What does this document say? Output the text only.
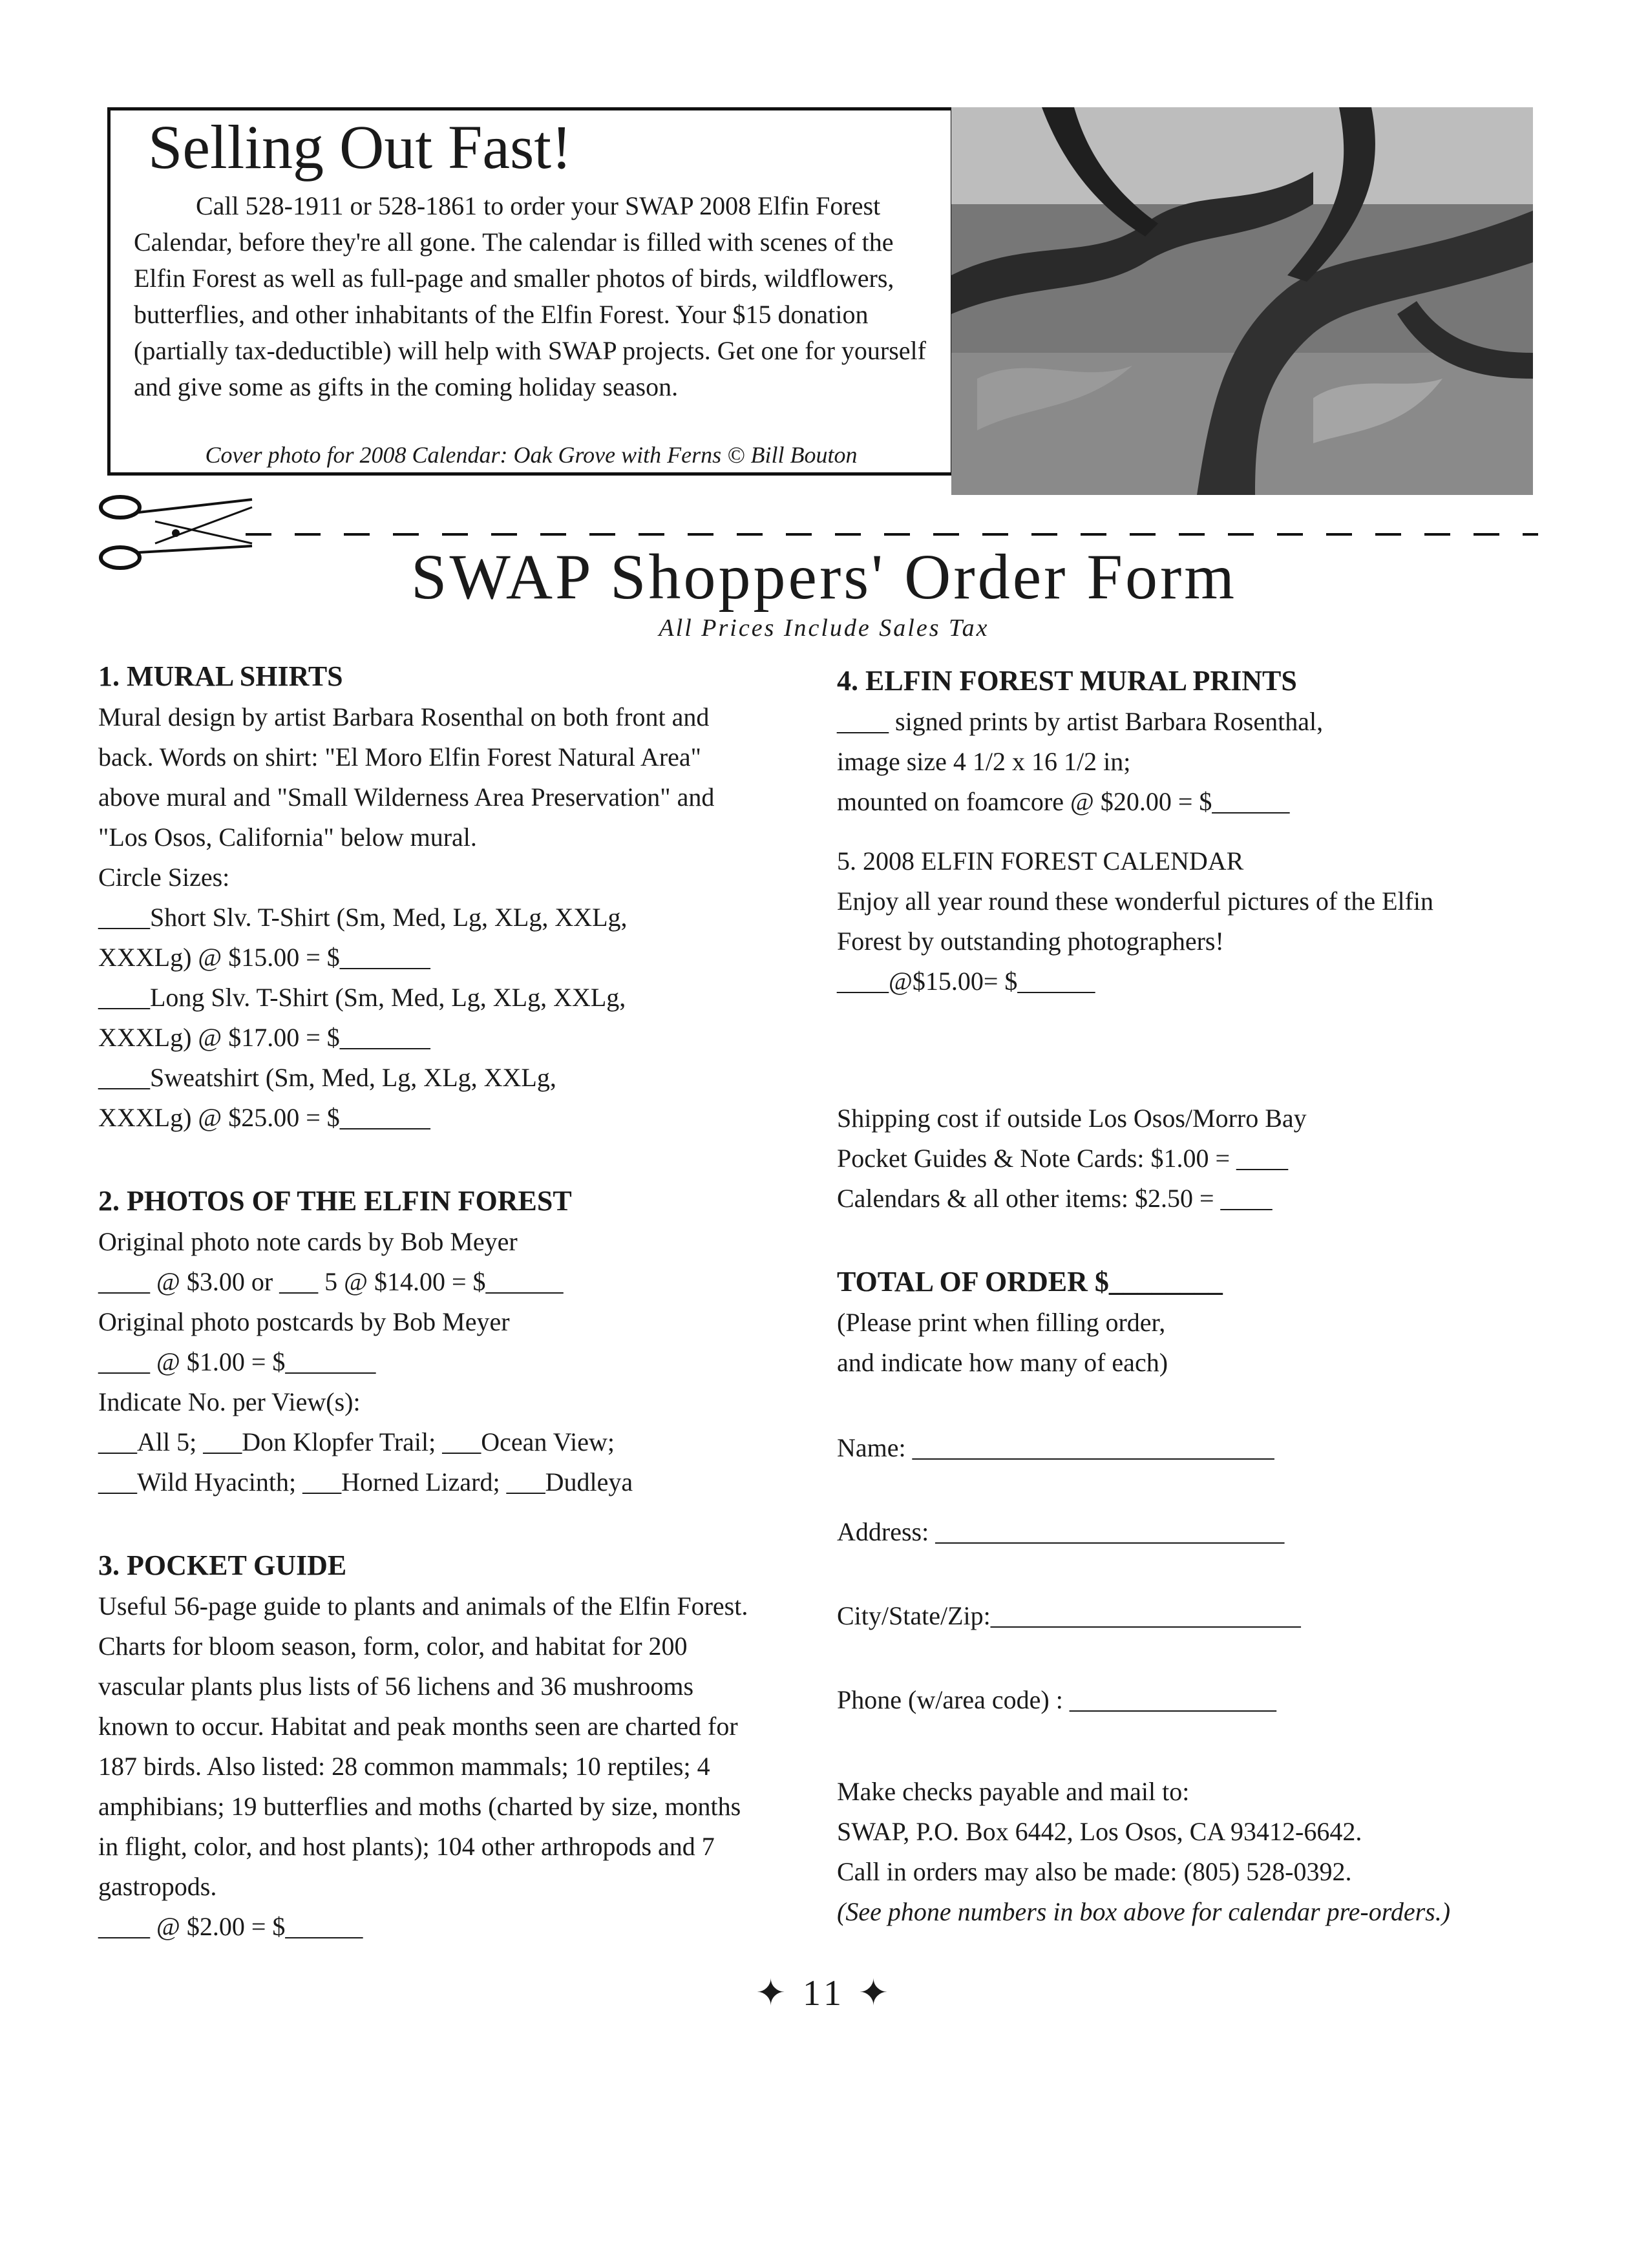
Selling Out Fast!

Call 528-1911 or 528-1861 to order your SWAP 2008 Elfin Forest Calendar, before they're all gone. The calendar is filled with scenes of the Elfin Forest as well as full-page and smaller photos of birds, wildflowers, butterflies, and other inhabitants of the Elfin Forest. Your $15 donation (partially tax-deductible) will help with SWAP projects. Get one for yourself and give some as gifts in the coming holiday season.

Cover photo for 2008 Calendar: Oak Grove with Ferns © Bill Bouton
SWAP Shoppers' Order Form
All Prices Include Sales Tax
1. MURAL SHIRTS
Mural design by artist Barbara Rosenthal on both front and back. Words on shirt: "El Moro Elfin Forest Natural Area" above mural and "Small Wilderness Area Preservation" and "Los Osos, California" below mural.
Circle Sizes:
____Short Slv. T-Shirt (Sm, Med, Lg, XLg, XXLg,
XXXLg) @ $15.00 = $_______
____Long Slv. T-Shirt (Sm, Med, Lg, XLg, XXLg,
XXXLg) @ $17.00 = $_______
____Sweatshirt (Sm, Med, Lg, XLg, XXLg,
XXXLg) @ $25.00 = $_______
2. PHOTOS OF THE ELFIN FOREST
Original photo note cards by Bob Meyer
____ @ $3.00 or ___ 5 @ $14.00 = $______
Original photo postcards by Bob Meyer
____ @ $1.00 = $_______
Indicate No. per View(s):
___All 5; ___Don Klopfer Trail; ___Ocean View;
___Wild Hyacinth; ___Horned Lizard; ___Dudleya
3. POCKET GUIDE
Useful 56-page guide to plants and animals of the Elfin Forest. Charts for bloom season, form, color, and habitat for 200 vascular plants plus lists of 56 lichens and 36 mushrooms known to occur. Habitat and peak months seen are charted for 187 birds. Also listed: 28 common mammals; 10 reptiles; 4 amphibians; 19 butterflies and moths (charted by size, months in flight, color, and host plants); 104 other arthropods and 7 gastropods.
____ @ $2.00 = $______
4. ELFIN FOREST MURAL PRINTS
____ signed prints by artist Barbara Rosenthal,
image size 4 1/2 x 16 1/2 in;
mounted on foamcore @ $20.00 = $______
5. 2008 ELFIN FOREST CALENDAR
Enjoy all year round these wonderful pictures of the Elfin
Forest by outstanding photographers!
____@$15.00= $______
Shipping cost if outside Los Osos/Morro Bay
Pocket Guides & Note Cards: $1.00 = ____
Calendars & all other items: $2.50 = ____
TOTAL OF ORDER $________
(Please print when filling order,
and indicate how many of each)
Name: ____________________________
Address: ___________________________
City/State/Zip:________________________
Phone (w/area code) : ________________
Make checks payable and mail to:
SWAP, P.O. Box 6442, Los Osos, CA 93412-6642.
Call in orders may also be made: (805) 528-0392.
(See phone numbers in box above for calendar pre-orders.)
✦ 11 ✦
